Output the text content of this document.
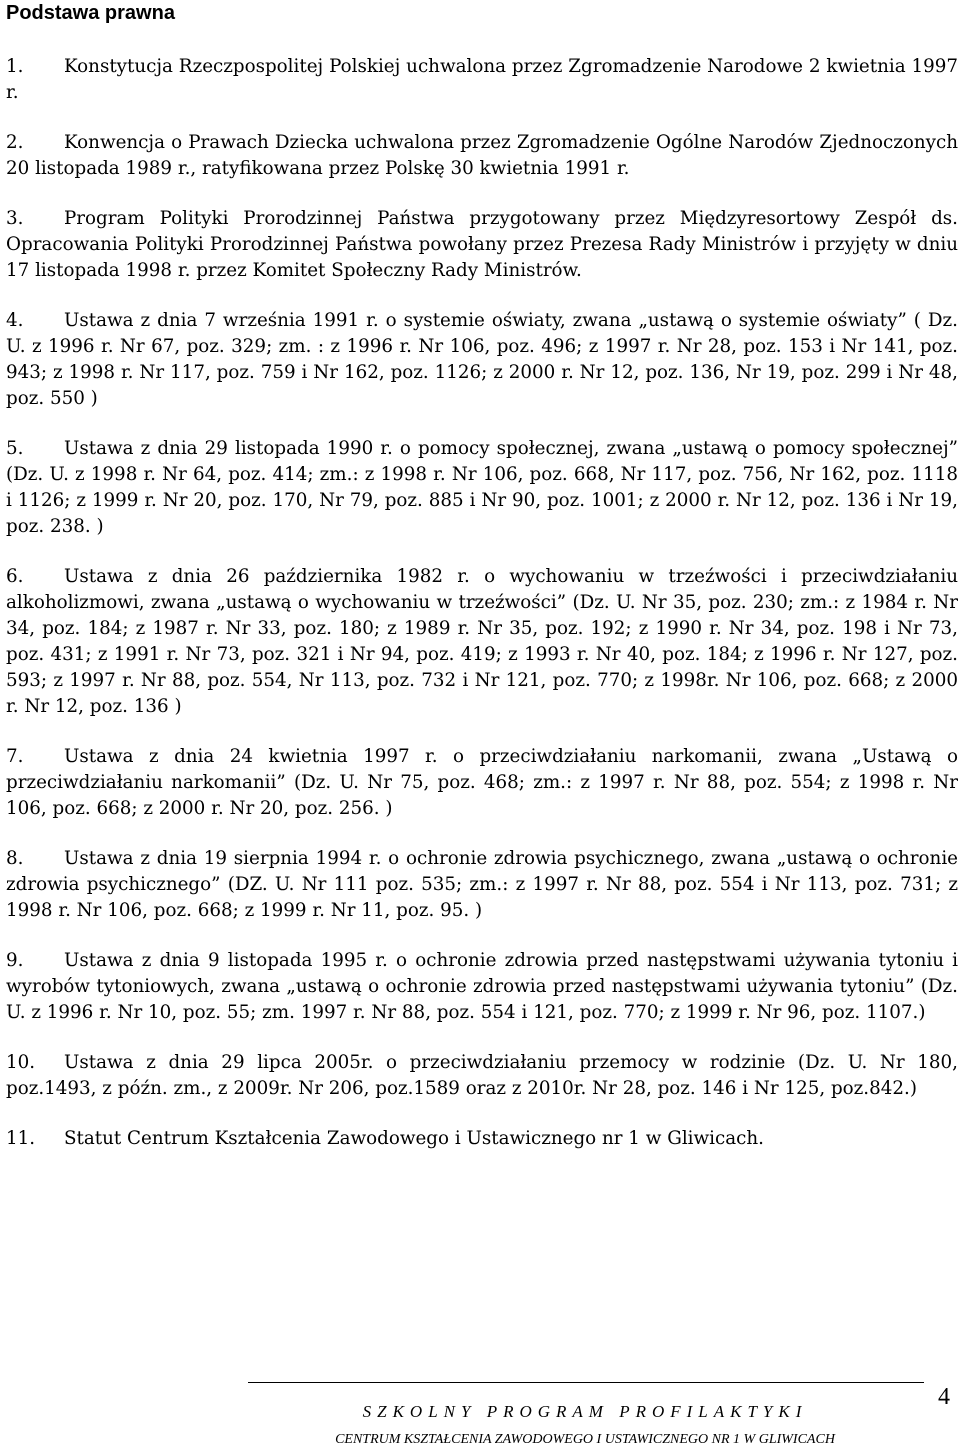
Podstawa prawna
1. Konstytucja Rzeczpospolitej Polskiej uchwalona przez Zgromadzenie Narodowe 2 kwietnia 1997 r.
2. Konwencja o Prawach Dziecka uchwalona przez Zgromadzenie Ogólne Narodów Zjednoczonych 20 listopada 1989 r., ratyfikowana przez Polskę 30 kwietnia 1991 r.
3. Program Polityki Prorodzinnej Państwa przygotowany przez Międzyresortowy Zespół ds. Opracowania Polityki Prorodzinnej Państwa powołany przez Prezesa Rady Ministrów i przyjęty w dniu 17 listopada 1998 r. przez Komitet Społeczny Rady Ministrów.
4. Ustawa z dnia 7 września 1991 r. o systemie oświaty, zwana „ustawą o systemie oświaty” ( Dz. U. z 1996 r. Nr 67, poz. 329; zm. : z 1996 r. Nr 106, poz. 496; z 1997 r. Nr 28, poz. 153 i Nr 141, poz. 943; z 1998 r. Nr 117, poz. 759 i Nr 162, poz. 1126; z 2000 r. Nr 12, poz. 136, Nr 19, poz. 299 i Nr 48, poz. 550 )
5. Ustawa z dnia 29 listopada 1990 r. o pomocy społecznej, zwana „ustawą o pomocy społecznej” (Dz. U. z 1998 r. Nr 64, poz. 414; zm.: z 1998 r. Nr 106, poz. 668, Nr 117, poz. 756, Nr 162, poz. 1118 i 1126; z 1999 r. Nr 20, poz. 170, Nr 79, poz. 885 i Nr 90, poz. 1001; z 2000 r. Nr 12, poz. 136 i Nr 19, poz. 238. )
6. Ustawa z dnia 26 października 1982 r. o wychowaniu w trzeźwości i przeciwdziałaniu alkoholizmowi, zwana „ustawą o wychowaniu w trzeźwości” (Dz. U. Nr 35, poz. 230; zm.: z 1984 r. Nr 34, poz. 184; z 1987 r. Nr 33, poz. 180; z 1989 r. Nr 35, poz. 192; z 1990 r. Nr 34, poz. 198 i Nr 73, poz. 431; z 1991 r. Nr 73, poz. 321 i Nr 94, poz. 419; z 1993 r. Nr 40, poz. 184; z 1996 r. Nr 127, poz. 593; z 1997 r. Nr 88, poz. 554, Nr 113, poz. 732 i Nr 121, poz. 770; z 1998r. Nr 106, poz. 668; z 2000 r. Nr 12, poz. 136 )
7. Ustawa z dnia 24 kwietnia 1997 r. o przeciwdziałaniu narkomanii, zwana „Ustawą o przeciwdziałaniu narkomanii” (Dz. U. Nr 75, poz. 468; zm.: z 1997 r. Nr 88, poz. 554; z 1998 r. Nr 106, poz. 668; z 2000 r. Nr 20, poz. 256. )
8. Ustawa z dnia 19 sierpnia 1994 r. o ochronie zdrowia psychicznego, zwana „ustawą o ochronie zdrowia psychicznego” (DZ. U. Nr 111 poz. 535; zm.: z 1997 r. Nr 88, poz. 554 i Nr 113, poz. 731; z 1998 r. Nr 106, poz. 668; z 1999 r. Nr 11, poz. 95. )
9. Ustawa z dnia 9 listopada 1995 r. o ochronie zdrowia przed następstwami używania tytoniu i wyrobów tytoniowych, zwana „ustawą o ochronie zdrowia przed następstwami używania tytoniu” (Dz. U. z 1996 r. Nr 10, poz. 55; zm. 1997 r. Nr 88, poz. 554 i 121, poz. 770; z 1999 r. Nr 96, poz. 1107.)
10. Ustawa z dnia 29 lipca 2005r. o przeciwdziałaniu przemocy w rodzinie (Dz. U. Nr 180, poz.1493, z późn. zm., z 2009r. Nr 206, poz.1589 oraz z 2010r. Nr 28, poz. 146 i Nr 125, poz.842.)
11. Statut Centrum Kształcenia Zawodowego i Ustawicznego nr 1 w Gliwicach.
4
SZKOLNY PROGRAM PROFILAKTYKI
CENTRUM KSZTAŁCENIA ZAWODOWEGO I USTAWICZNEGO NR 1 W GLIWICACH
